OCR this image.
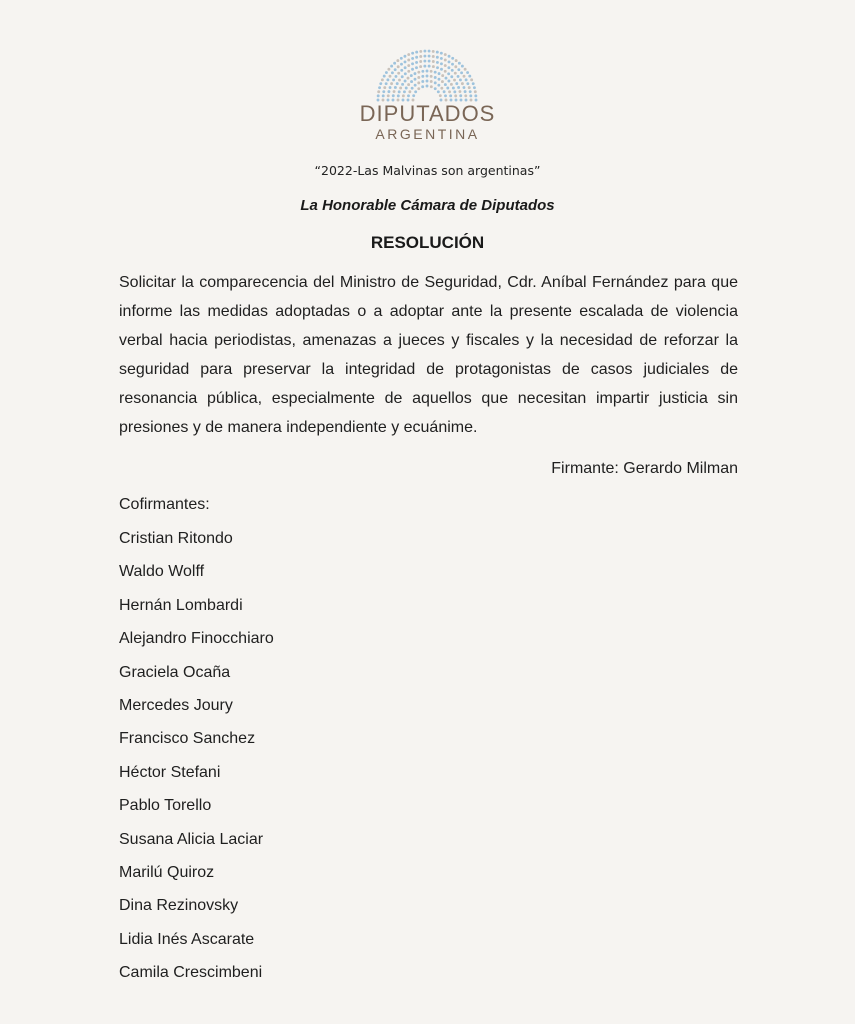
DIPUTADOS
ARGENTINA
“2022-Las Malvinas son argentinas”
La Honorable Cámara de Diputados
RESOLUCIÓN

Solicitar la comparecencia del Ministro de Seguridad, Cdr. Aníbal Fernández para que informe las medidas adoptadas o a adoptar ante la presente escalada de violencia verbal hacia periodistas, amenazas a jueces y fiscales y la necesidad de reforzar la seguridad para preservar la integridad de protagonistas de casos judiciales de resonancia pública, especialmente de aquellos que necesitan impartir justicia sin presiones y de manera independiente y ecuánime.

Firmante: Gerardo Milman
Cofirmantes:
Cristian Ritondo
Waldo Wolff
Hernán Lombardi
Alejandro Finocchiaro
Graciela Ocaña
Mercedes Joury
Francisco Sanchez
Héctor Stefani
Pablo Torello
Susana Alicia Laciar
Marilú Quiroz
Dina Rezinovsky
Lidia Inés Ascarate
Camila Crescimbeni
